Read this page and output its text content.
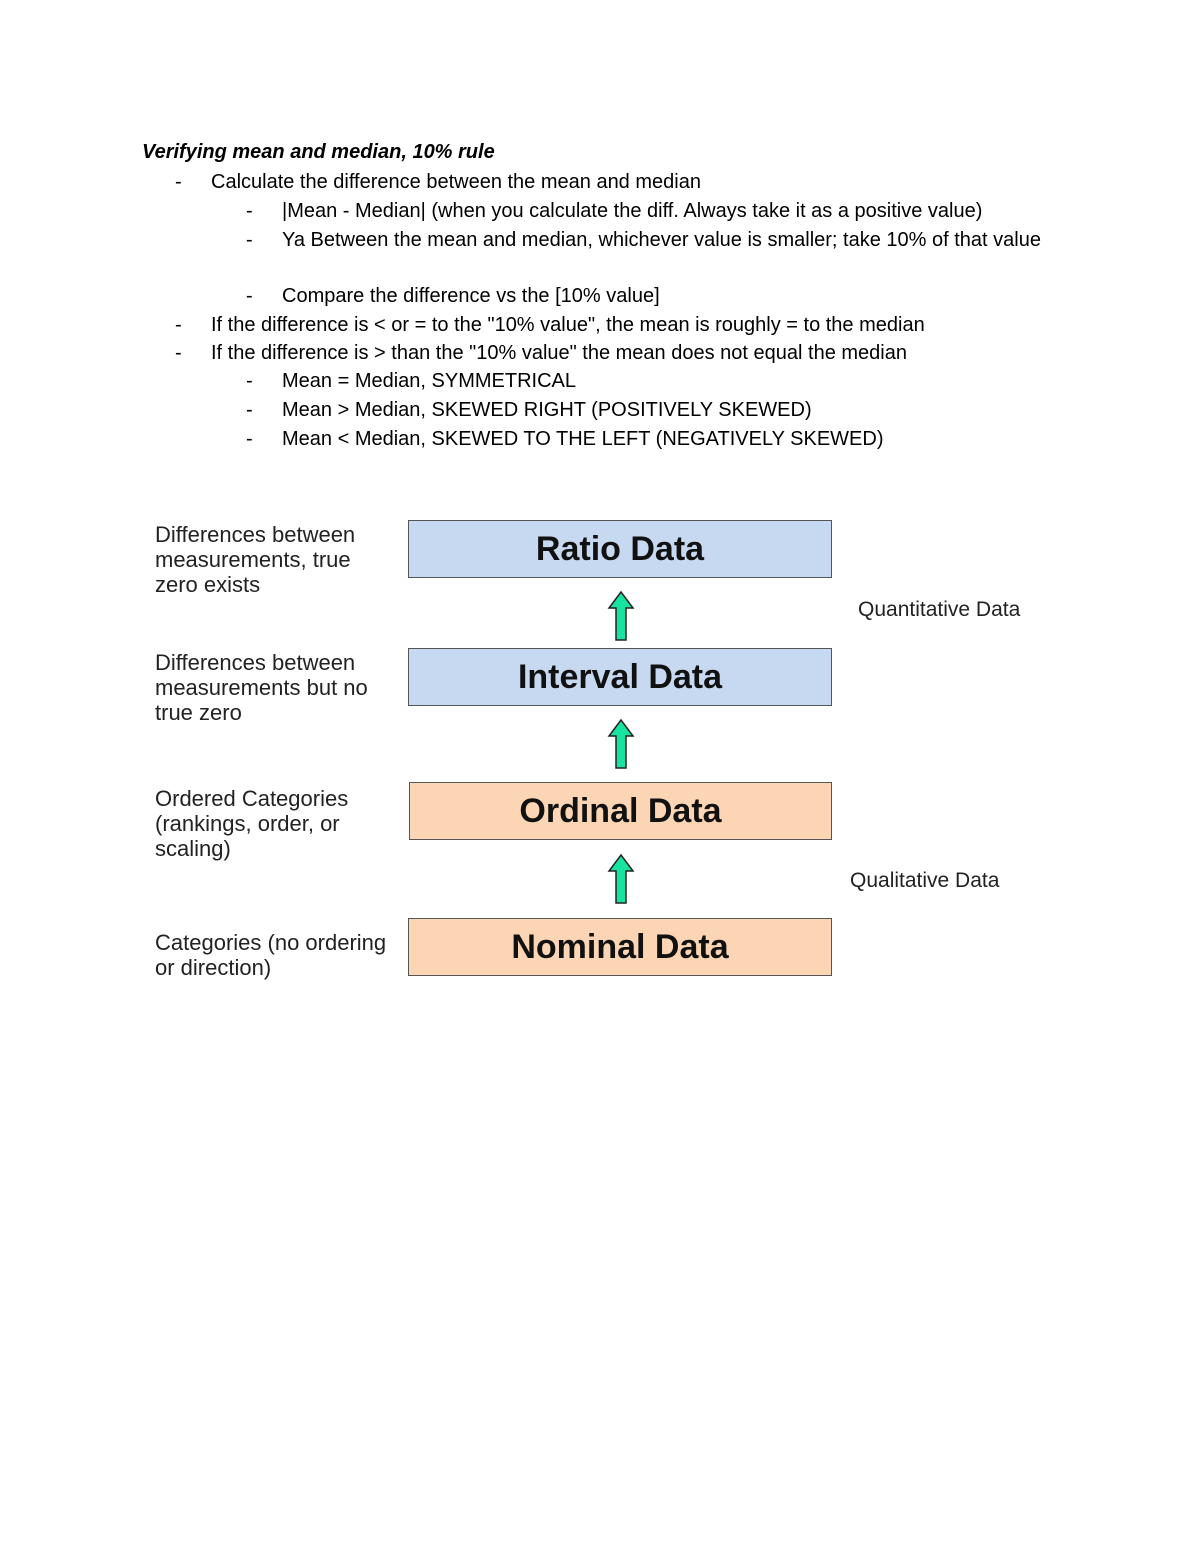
Verifying mean and median, 10% rule
- Calculate the difference between the mean and median
- |Mean - Median| (when you calculate the diff. Always take it as a positive value)
- Ya Between the mean and median, whichever value is smaller; take 10% of that value
- Compare the difference vs the [10% value]
- If the difference is < or = to the "10% value", the mean is roughly = to the median
- If the difference is > than the "10% value" the mean does not equal the median
- Mean = Median, SYMMETRICAL
- Mean > Median, SKEWED RIGHT (POSITIVELY SKEWED)
- Mean < Median, SKEWED TO THE LEFT (NEGATIVELY SKEWED)
Differences between measurements, true zero exists
Ratio Data
Quantitative Data
Differences between measurements but no true zero
Interval Data
Ordered Categories (rankings, order, or scaling)
Ordinal Data
Qualitative Data
Categories (no ordering or direction)
Nominal Data
